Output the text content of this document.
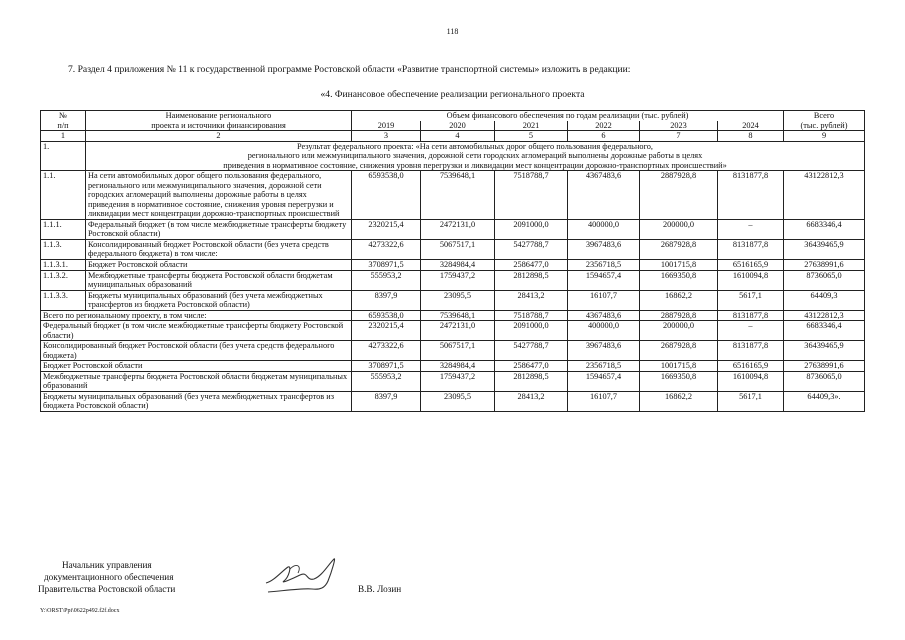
118
7. Раздел 4 приложения № 11 к государственной программе Ростовской области «Развитие транспортной системы» изложить в редакции:
«4. Финансовое обеспечение реализации регионального проекта
№	Наименование регионального	Объем финансового обеспечения по годам реализации (тыс. рублей)						Всего
п/п	проекта и источники финансирования	2019	2020	2021	2022	2023	2024	(тыс. рублей)
1	2	3	4	5	6	7	8	9
1.	Результат федерального проекта: «На сети автомобильных дорог общего пользования федерального,
регионального или межмуниципального значения, дорожной сети городских агломераций выполнены дорожные работы в целях
приведения в нормативное состояние, снижения уровня перегрузки и ликвидации мест концентрации дорожно-транспортных происшествий»							

1.1.	На сети автомобильных дорог общего пользования федерального, регионального или межмуниципального значения, дорожной сети городских агломераций выполнены дорожные работы в целях приведения в нормативное состояние, снижения уровня перегрузки и ликвидации мест концентрации дорожно-транспортных происшествий	6593538,0	7539648,1	7518788,7	4367483,6	2887928,8	8131877,8	43122812,3
1.1.1.	Федеральный бюджет (в том числе межбюджетные трансферты бюджету Ростовской области)	2320215,4	2472131,0	2091000,0	400000,0	200000,0	–	6683346,4
1.1.3.	Консолидированный бюджет Ростовской области (без учета средств федерального бюджета) в том числе:	4273322,6	5067517,1	5427788,7	3967483,6	2687928,8	8131877,8	36439465,9
1.1.3.1.	Бюджет Ростовской области	3708971,5	3284984,4	2586477,0	2356718,5	1001715,8	6516165,9	27638991,6
1.1.3.2.	Межбюджетные трансферты бюджета Ростовской области бюджетам муниципальных образований	555953,2	1759437,2	2812898,5	1594657,4	1669350,8	1610094,8	8736065,0
1.1.3.3.	Бюджеты муниципальных образований (без учета межбюджетных трансфертов из бюджета Ростовской области)	8397,9	23095,5	28413,2	16107,7	16862,2	5617,1	64409,3
Всего по региональному проекту, в том числе:		6593538,0	7539648,1	7518788,7	4367483,6	2887928,8	8131877,8	43122812,3
Федеральный бюджет (в том числе межбюджетные трансферты бюджету Ростовской области)		2320215,4	2472131,0	2091000,0	400000,0	200000,0	–	6683346,4
Консолидированный бюджет Ростовской области (без учета средств федерального бюджета)		4273322,6	5067517,1	5427788,7	3967483,6	2687928,8	8131877,8	36439465,9
Бюджет Ростовской области		3708971,5	3284984,4	2586477,0	2356718,5	1001715,8	6516165,9	27638991,6
Межбюджетные трансферты бюджета Ростовской области бюджетам муниципальных образований		555953,2	1759437,2	2812898,5	1594657,4	1669350,8	1610094,8	8736065,0
Бюджеты муниципальных образований (без учета межбюджетных трансфертов из бюджета Ростовской области)		8397,9	23095,5	28413,2	16107,7	16862,2	5617,1	64409,3».
Начальник управления
документационного обеспечения
Правительства Ростовской области	В.В. Лозин
Y:\ORST\Ppi\0622p492.f2f.docx
